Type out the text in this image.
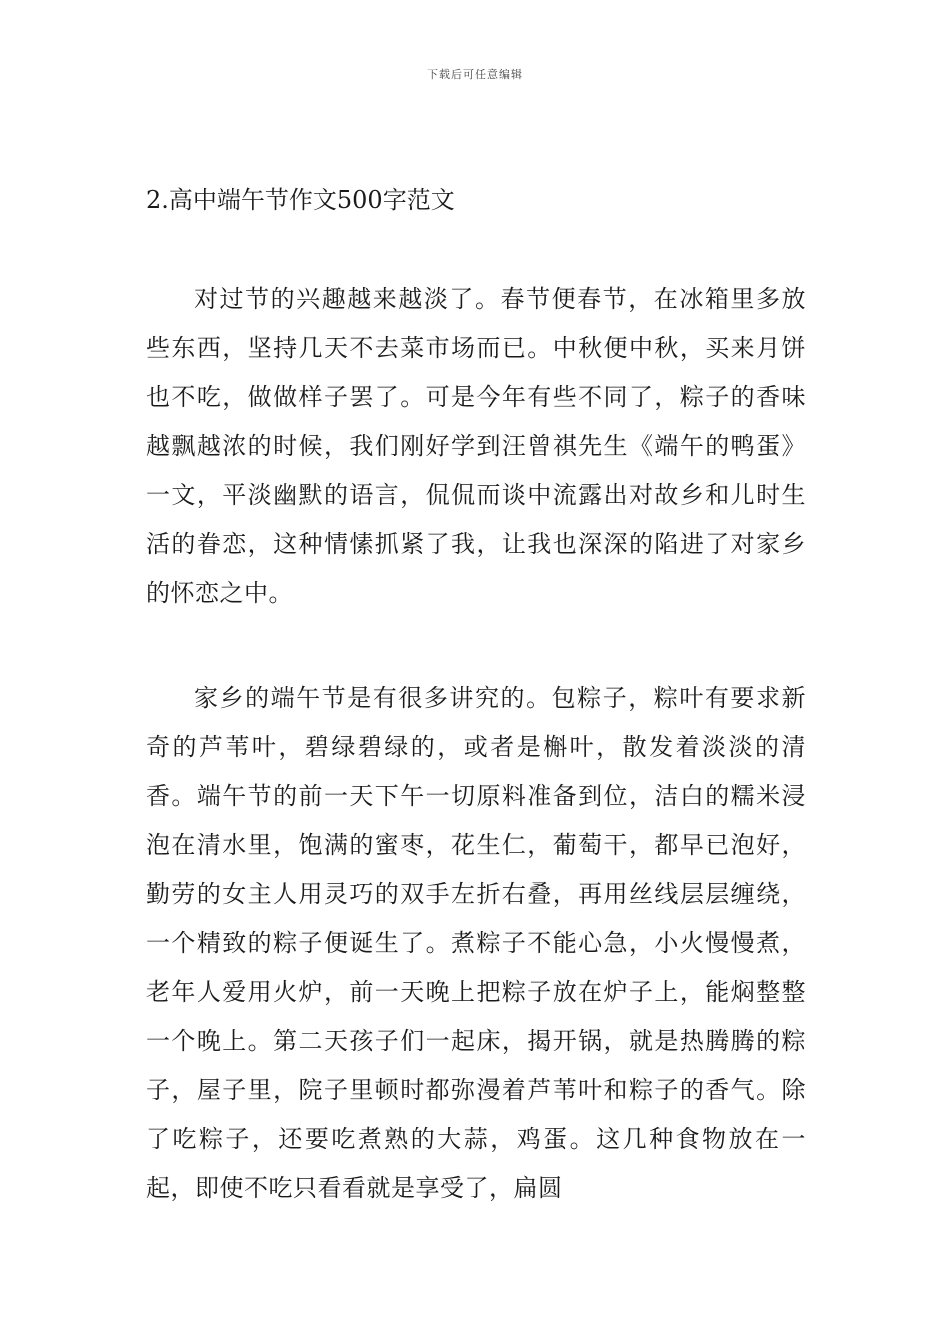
下载后可任意编辑
2.高中端午节作文500字范文

对过节的兴趣越来越淡了。春节便春节，在冰箱里多放些东西，坚持几天不去菜市场而已。中秋便中秋，买来月饼也不吃，做做样子罢了。可是今年有些不同了，粽子的香味越飘越浓的时候，我们刚好学到汪曾祺先生《端午的鸭蛋》一文，平淡幽默的语言，侃侃而谈中流露出对故乡和儿时生活的眷恋，这种情愫抓紧了我，让我也深深的陷进了对家乡的怀恋之中。

家乡的端午节是有很多讲究的。包粽子，粽叶有要求新奇的芦苇叶，碧绿碧绿的，或者是槲叶，散发着淡淡的清香。端午节的前一天下午一切原料准备到位，洁白的糯米浸泡在清水里，饱满的蜜枣，花生仁，葡萄干，都早已泡好，勤劳的女主人用灵巧的双手左折右叠，再用丝线层层缠绕，一个精致的粽子便诞生了。煮粽子不能心急，小火慢慢煮，老年人爱用火炉，前一天晚上把粽子放在炉子上，能焖整整一个晚上。第二天孩子们一起床，揭开锅，就是热腾腾的粽子，屋子里，院子里顿时都弥漫着芦苇叶和粽子的香气。除了吃粽子，还要吃煮熟的大蒜，鸡蛋。这几种食物放在一起，即使不吃只看看就是享受了，扁圆
